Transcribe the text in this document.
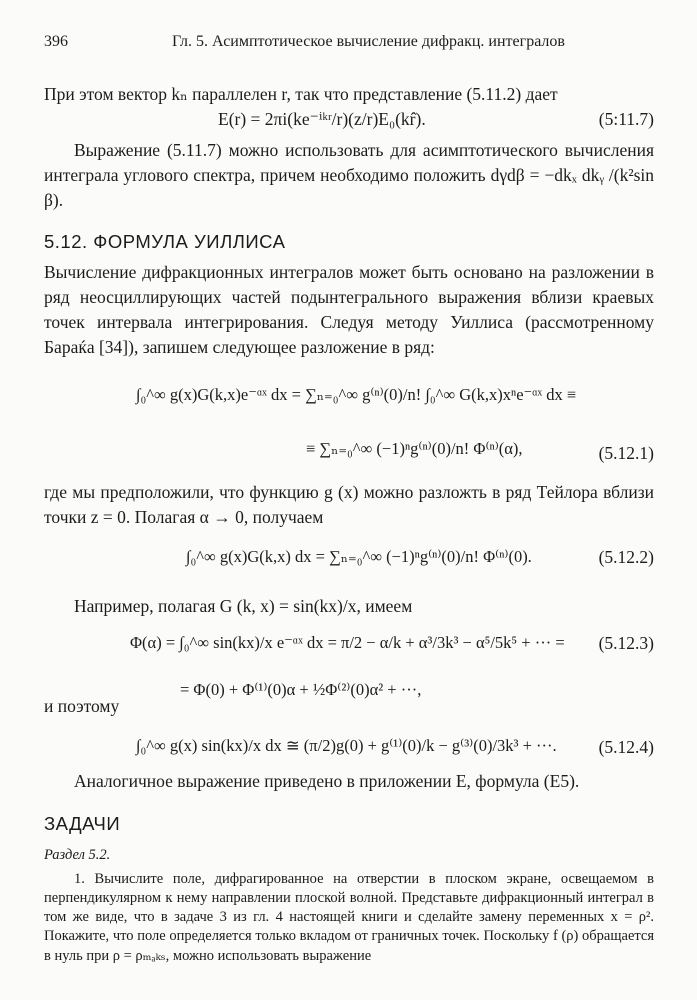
396	Гл. 5. Асимптотическое вычисление дифракц. интегралов
При этом вектор kₙ параллелен r, так что представление (5.11.2) дает
E(r) = 2πi(ke⁻ⁱᵏʳ/r)(z/r)E₀(kr̂).	(5:11.7)
Выражение (5.11.7) можно использовать для асимптотического вычисления интеграла углового спектра, причем необходимо положить dγdβ = −dkₓ dkᵧ /(k²sin β).
5.12. ФОРМУЛА УИЛЛИСА
Вычисление дифракционных интегралов может быть основано на разложении в ряд неосциллирующих частей подынтегрального выражения вблизи краевых точек интервала интегрирования. Следуя методу Уиллиса (рассмотренному Бараќа [34]), запишем следующее разложение в ряд:
∫₀^∞ g(x)G(k,x)e⁻ᵅˣ dx = ∑ₙ₌₀^∞ g⁽ⁿ⁾(0)/n! ∫₀^∞ G(k,x)xⁿe⁻ᵅˣ dx ≡
≡ ∑ₙ₌₀^∞ (−1)ⁿg⁽ⁿ⁾(0)/n! Φ⁽ⁿ⁾(α),	(5.12.1)
где мы предположили, что функцию g (x) можно разложть в ряд Тейлора вблизи точки z = 0. Полагая α → 0, получаем
∫₀^∞ g(x)G(k,x) dx = ∑ₙ₌₀^∞ (−1)ⁿg⁽ⁿ⁾(0)/n! Φ⁽ⁿ⁾(0).	(5.12.2)
Например, полагая G (k, x) = sin(kx)/x, имеем
Φ(α) = ∫₀^∞ sin(kx)/x e⁻ᵅˣ dx = π/2 − α/k + α³/3k³ − α⁵/5k⁵ + ··· = (5.12.3)
= Φ(0) + Φ⁽¹⁾(0)α + ½Φ⁽²⁾(0)α² + ···,
и поэтому
∫₀^∞ g(x) sin(kx)/x dx ≅ (π/2)g(0) + g⁽¹⁾(0)/k − g⁽³⁾(0)/3k³ + ···. (5.12.4)
Аналогичное выражение приведено в приложении Е, формула (Е5).
ЗАДАЧИ
Раздел 5.2.
1. Вычислите поле, дифрагированное на отверстии в плоском экране, освещаемом в перпендикулярном к нему направлении плоской волной. Представьте дифракционный интеграл в том же виде, что в задаче 3 из гл. 4 настоящей книги и сделайте замену переменных x = ρ². Покажите, что поле определяется только вкладом от граничных точек. Поскольку f (ρ) обращается в нуль при ρ = ρₘₐₖₛ, можно использовать выражение
